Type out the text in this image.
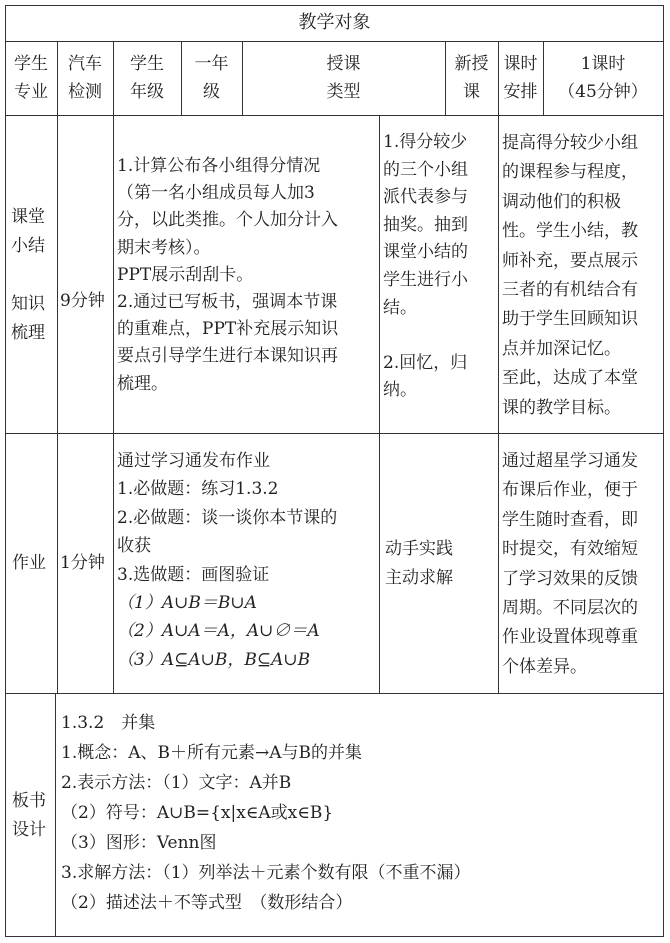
教学对象
学生
专业
汽车
检测
学生
年级
一年
级
授课
类型
新授
课
课时
安排
1课时
（45分钟）
课堂
小结
知识
梳理
9分钟
1.计算公布各小组得分情况
（第一名小组成员每人加3
分，以此类推。个人加分计入
期末考核）。
PPT展示刮刮卡。
2.通过已写板书，强调本节课
的重难点，PPT补充展示知识
要点引导学生进行本课知识再
梳理。
1.得分较少
的三个小组
派代表参与
抽奖。抽到
课堂小结的
学生进行小
结。
2.回忆，归
纳。
提高得分较少小组
的课程参与程度，
调动他们的积极
性。学生小结，教
师补充，要点展示
三者的有机结合有
助于学生回顾知识
点并加深记忆。
至此，达成了本堂
课的教学目标。
作业 1分钟
通过学习通发布作业
1.必做题：练习1.3.2
2.必做题：谈一谈你本节课的
收获
3.选做题：画图验证
（1）A∪B＝B∪A
（2）A∪A＝A，A∪∅＝A
（3）A⊆A∪B，B⊆A∪B
动手实践
主动求解
通过超星学习通发
布课后作业，便于
学生随时查看，即
时提交，有效缩短
了学习效果的反馈
周期。不同层次的
作业设置体现尊重
个体差异。
板书
设计
1.3.2　并集
1.概念：A、B＋所有元素→A与B的并集
2.表示方法：（1）文字：A并B
（2）符号：A∪B={x|x∈A或x∈B}
（3）图形：Venn图
3.求解方法：（1）列举法＋元素个数有限（不重不漏）
（2）描述法＋不等式型　（数形结合）
